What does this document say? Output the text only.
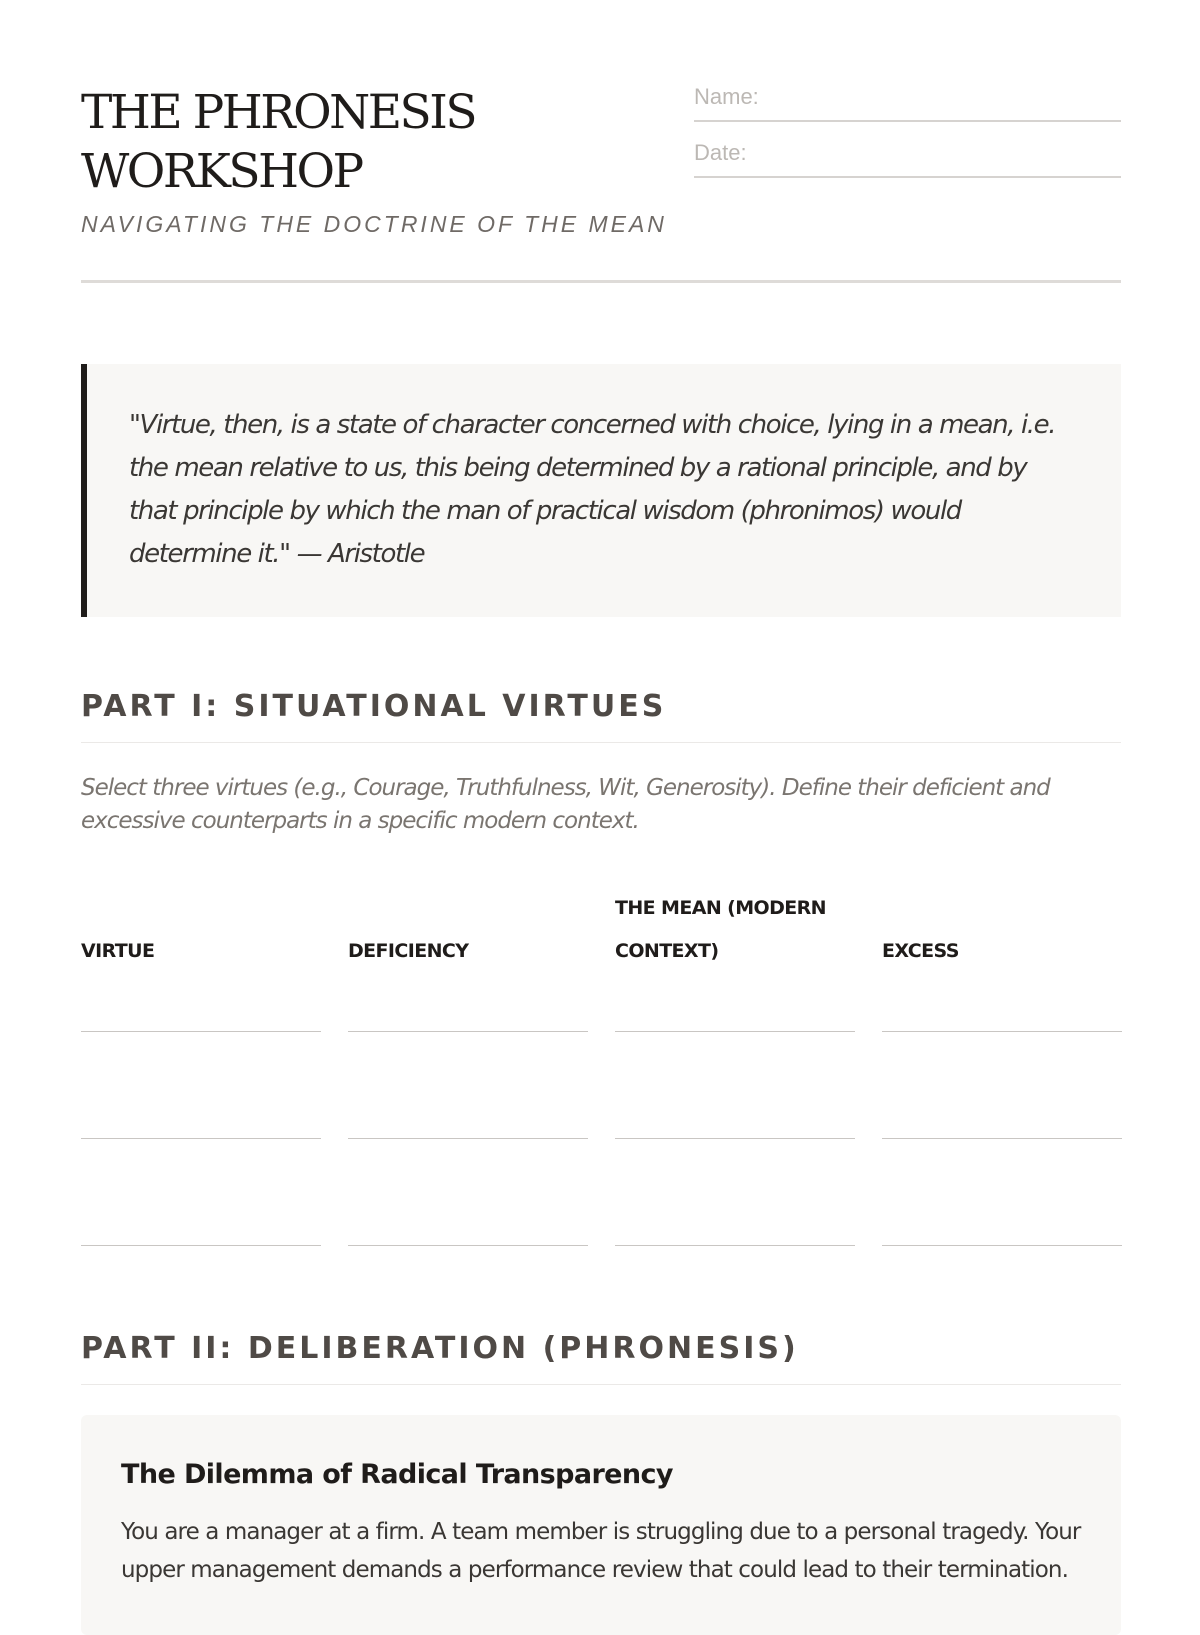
THE PHRONESIS
WORKSHOP
NAVIGATING THE DOCTRINE OF THE MEAN
Name:
Date:

"Virtue, then, is a state of character concerned with choice, lying in a mean, i.e. the mean relative to us, this being determined by a rational principle, and by that principle by which the man of practical wisdom (phronimos) would determine it." — Aristotle

PART I: SITUATIONAL VIRTUES

Select three virtues (e.g., Courage, Truthfulness, Wit, Generosity). Define their deficient and excessive counterparts in a specific modern context.

VIRTUE	DEFICIENCY
THE MEAN (MODERN CONTEXT)	EXCESS
PART II: DELIBERATION (PHRONESIS)
The Dilemma of Radical Transparency

You are a manager at a firm. A team member is struggling due to a personal tragedy. Your upper management demands a performance review that could lead to their termination.
